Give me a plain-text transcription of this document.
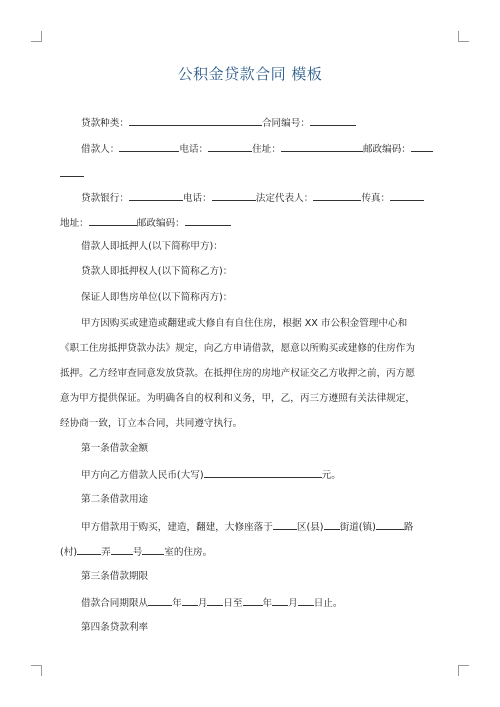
公积金贷款合同 模板
贷款种类：	合同编号：
借款人：	电话：	住址：	邮政编码：
贷款银行：	电话：	法定代表人：	传真：
地址：	邮政编码：
借款人即抵押人(以下简称甲方)：
贷款人即抵押权人(以下简称乙方)：
保证人即售房单位(以下简称丙方)：
甲方因购买或建造或翻建或大修自有自住住房，根据 XX 市公积金管理中心和
《职工住房抵押贷款办法》规定，向乙方申请借款，愿意以所购买或建修的住房作为
抵押。乙方经审查同意发放贷款。在抵押住房的房地产权证交乙方收押之前，丙方愿
意为甲方提供保证。为明确各自的权利和义务，甲，乙，丙三方遵照有关法律规定，
经协商一致，订立本合同，共同遵守执行。
第一条借款金额
甲方向乙方借款人民币(大写)	元。
第二条借款用途
甲方借款用于购买，建造，翻建，大修座落于	区(县) 街道(镇)	路
(村)	弄 号 室的住房。
第三条借款期限
借款合同期限从	年 月 日至 年 月 日止。
第四条贷款利率
